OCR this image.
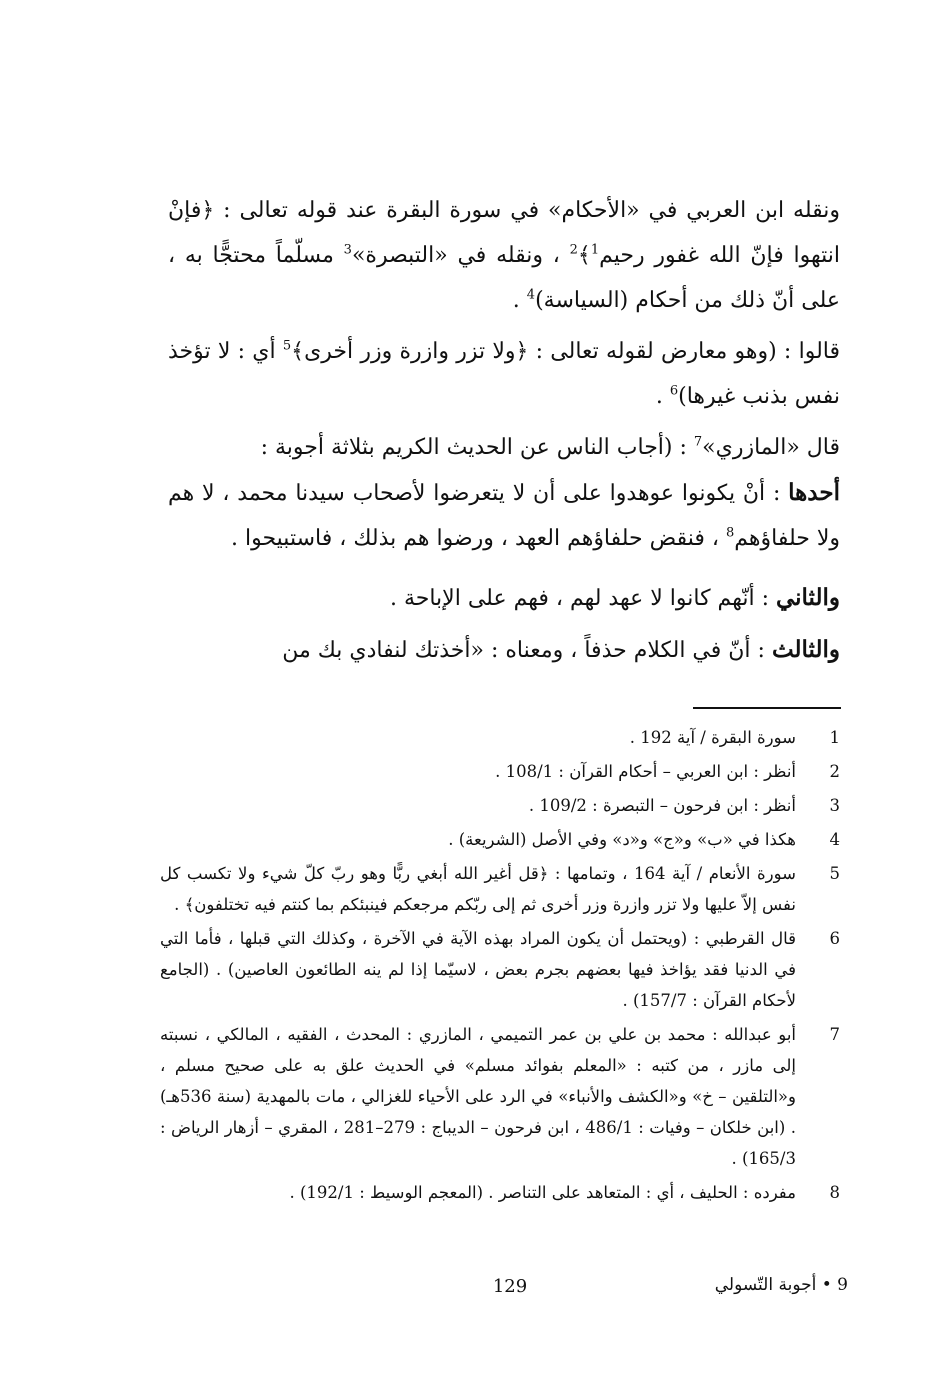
ونقله ابن العربي في «الأحكام» في سورة البقرة عند قوله تعالى : ﴿فإنْ انتهوا فإنّ الله غفور رحيم$^1$﴾$^2$ ، ونقله في «التبصرة»$^3$ مسلّماً محتجًّا به ، على أنّ ذلك من أحكام (السياسة)$^4$ .

قالوا : (وهو معارض لقوله تعالى : ﴿ولا تزر وازرة وزر أخرى﴾$^5$ أي : لا تؤخذ نفس بذنب غيرها)$^6$ .

قال «المازري»$^7$ : (أجاب الناس عن الحديث الكريم بثلاثة أجوبة :

أحدها : أنْ يكونوا عوهدوا على أن لا يتعرضوا لأصحاب سيدنا محمد ، لا هم ولا حلفاؤهم$^8$ ، فنقض حلفاؤهم العهد ، ورضوا هم بذلك ، فاستبيحوا .

والثاني : أنّهم كانوا لا عهد لهم ، فهم على الإباحة .

والثالث : أنّ في الكلام حذفاً ، ومعناه : «أخذتك لنفادي بك من

1
سورة البقرة / آية 192 .
2
أنظر : ابن العربي – أحكام القرآن : 108/1 .
3
أنظر : ابن فرحون – التبصرة : 109/2 .
4
هكذا في «ب» و«ج» و«د» وفي الأصل (الشريعة) .
5
سورة الأنعام / آية 164 ، وتمامها : ﴿قل أغير الله أبغي ربًّا وهو ربّ كلّ شيء ولا تكسب كل نفس إلاّ عليها ولا تزر وازرة وزر أخرى ثم إلى ربّكم مرجعكم فينبئكم بما كنتم فيه تختلفون﴾ .
6
قال القرطبي : (ويحتمل أن يكون المراد بهذه الآية في الآخرة ، وكذلك التي قبلها ، فأما التي في الدنيا فقد يؤاخذ فيها بعضهم بجرم بعض ، لاسيّما إذا لم ينه الطائعون العاصين) . (الجامع لأحكام القرآن : 157/7) .
7
أبو عبدالله : محمد بن علي بن عمر التميمي ، المازري : المحدث ، الفقيه ، المالكي ، نسبته إلى مازر ، من كتبه : «المعلم بفوائد مسلم» في الحديث علق به على صحيح مسلم ، و«التلقين – خ» و«الكشف والأنباء» في الرد على الأحياء للغزالي ، مات بالمهدية (سنة 536هـ) . (ابن خلكان – وفيات : 486/1 ، ابن فرحون – الديباج : 279–281 ، المقري – أزهار الرياض : 165/3) .
8
مفرده : الحليف ، أي : المتعاهد على التناصر . (المعجم الوسيط : 192/1) .
129	9 • أجوبة التّسولي
